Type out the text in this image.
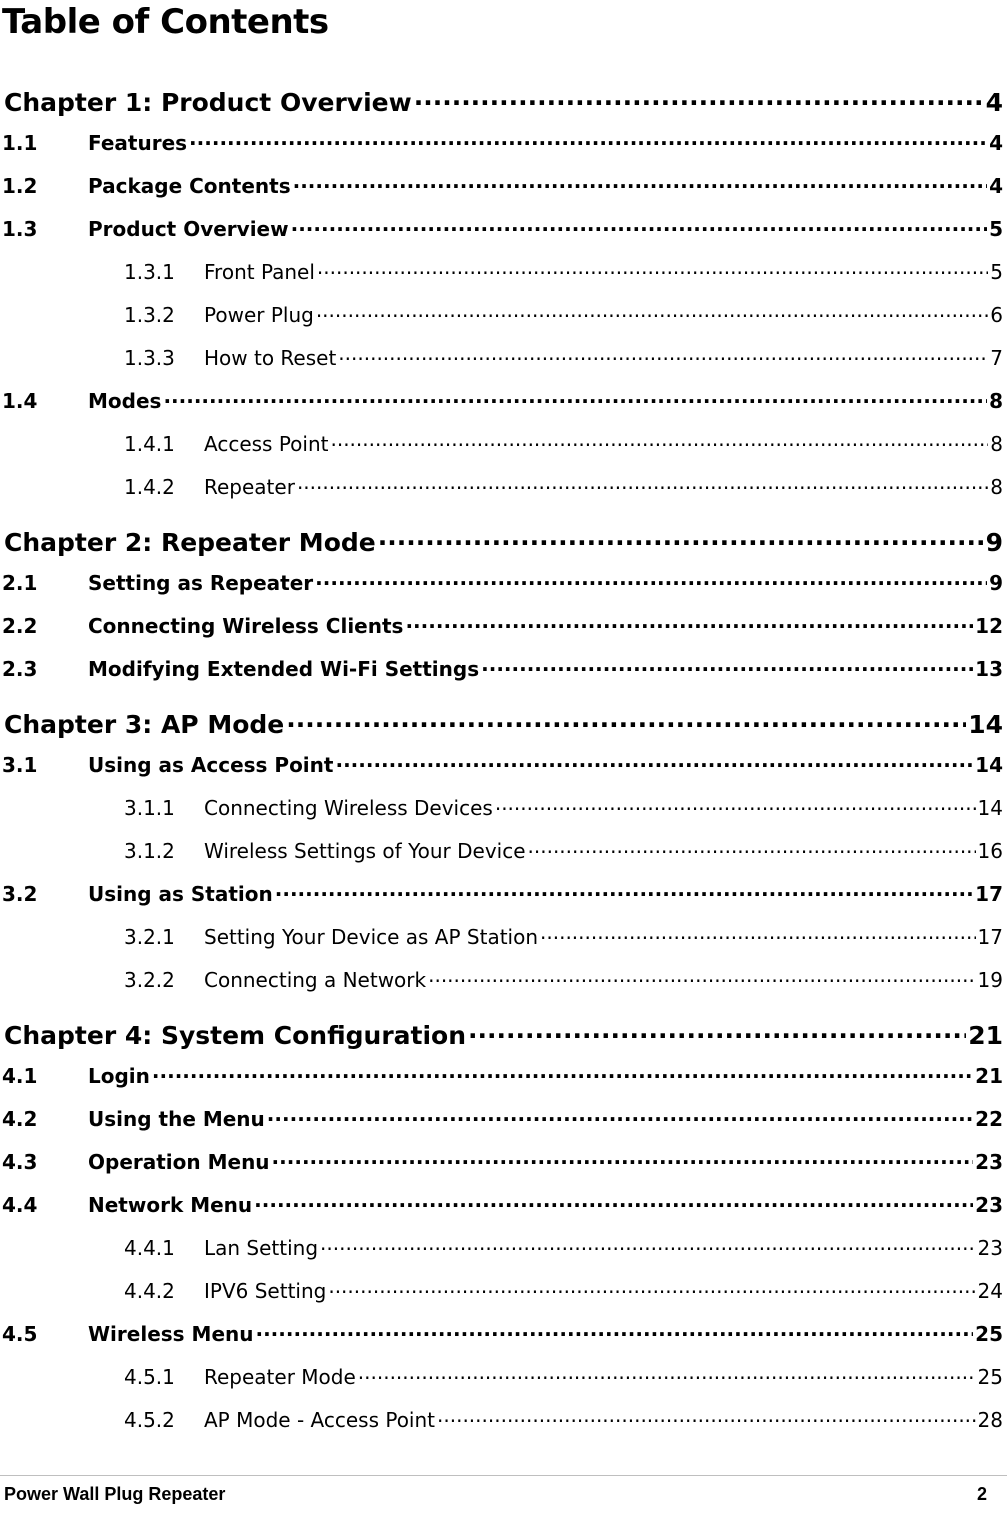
Table of Contents
Chapter 1: Product Overview .....	4
1.1	Features .....	4
1.2	Package Contents .....	4
1.3	Product Overview .....	5
1.3.1	Front Panel .....	5
1.3.2	Power Plug .....	6
1.3.3	How to Reset .....	7
1.4	Modes .....	8
1.4.1	Access Point .....	8
1.4.2	Repeater .....	8
Chapter 2: Repeater Mode .....	9
2.1	Setting as Repeater .....	9
2.2	Connecting Wireless Clients .....	12
2.3	Modifying Extended Wi-Fi Settings .....	13
Chapter 3: AP Mode .....	14
3.1	Using as Access Point .....	14
3.1.1	Connecting Wireless Devices .....	14
3.1.2	Wireless Settings of Your Device .....	16
3.2	Using as Station .....	17
3.2.1	Setting Your Device as AP Station .....	17
3.2.2	Connecting a Network .....	19
Chapter 4: System Configuration .....	21
4.1	Login .....	21
4.2	Using the Menu .....	22
4.3	Operation Menu .....	23
4.4	Network Menu .....	23
4.4.1	Lan Setting .....	23
4.4.2	IPV6 Setting .....	24
4.5	Wireless Menu .....	25
4.5.1	Repeater Mode .....	25
4.5.2	AP Mode - Access Point .....	28
Power Wall Plug Repeater	2
